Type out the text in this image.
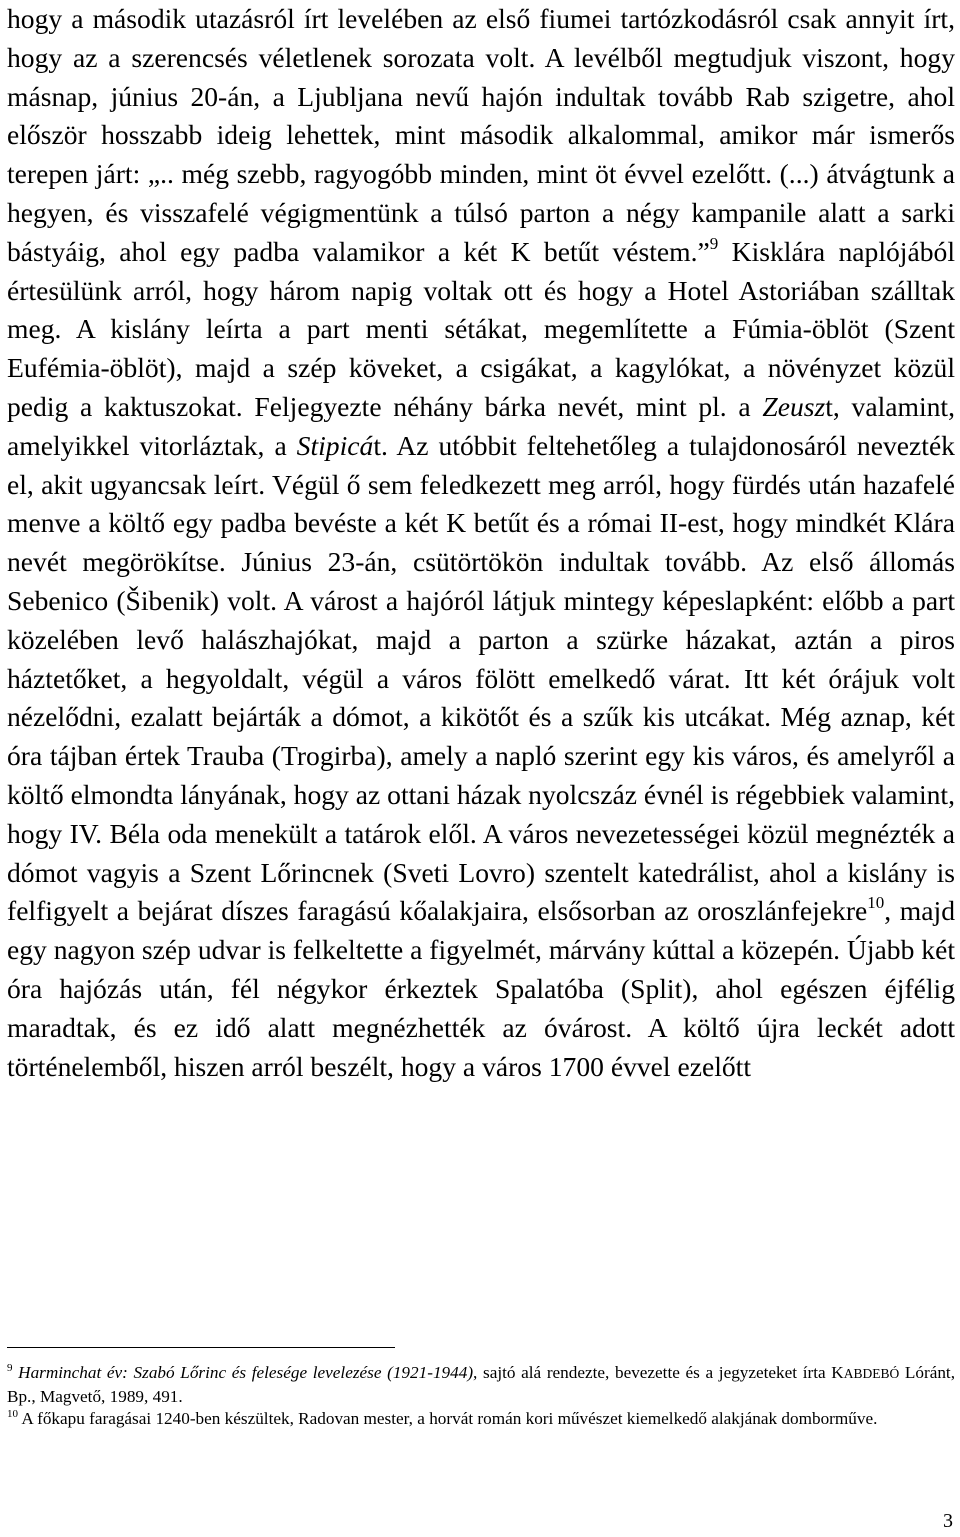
hogy a második utazásról írt levelében az első fiumei tartózkodásról csak annyit írt, hogy az a szerencsés véletlenek sorozata volt. A levélből megtudjuk viszont, hogy másnap, június 20-án, a Ljubljana nevű hajón indultak tovább Rab szigetre, ahol először hosszabb ideig lehettek, mint második alkalommal, amikor már ismerős terepen járt: „.. még szebb, ragyogóbb minden, mint öt évvel ezelőtt. (...) átvágtunk a hegyen, és visszafelé végigmentünk a túlsó parton a négy kampanile alatt a sarki bástyáig, ahol egy padba valamikor a két K betűt véstem.”$^9$ Kisklára naplójából értesülünk arról, hogy három napig voltak ott és hogy a Hotel Astoriában szálltak meg. A kislány leírta a part menti sétákat, megemlítette a Fúmia-öblöt (Szent Eufémia-öblöt), majd a szép köveket, a csigákat, a kagylókat, a növényzet közül pedig a kaktuszokat. Feljegyezte néhány bárka nevét, mint pl. a Zeuszt, valamint, amelyikkel vitorláztak, a Stipicát. Az utóbbit feltehetőleg a tulajdonosáról nevezték el, akit ugyancsak leírt. Végül ő sem feledkezett meg arról, hogy fürdés után hazafelé menve a költő egy padba bevéste a két K betűt és a római II-est, hogy mindkét Klára nevét megörökítse. Június 23-án, csütörtökön indultak tovább. Az első állomás Sebenico (Šibenik) volt. A várost a hajóról látjuk mintegy képeslapként: előbb a part közelében levő halászhajókat, majd a parton a szürke házakat, aztán a piros háztetőket, a hegyoldalt, végül a város fölött emelkedő várat. Itt két órájuk volt nézelődni, ezalatt bejárták a dómot, a kikötőt és a szűk kis utcákat. Még aznap, két óra tájban értek Trauba (Trogirba), amely a napló szerint egy kis város, és amelyről a költő elmondta lányának, hogy az ottani házak nyolcszáz évnél is régebbiek valamint, hogy IV. Béla oda menekült a tatárok elől. A város nevezetességei közül megnézték a dómot vagyis a Szent Lőrincnek (Sveti Lovro) szentelt katedrálist, ahol a kislány is felfigyelt a bejárat díszes faragású kőalakjaira, elsősorban az oroszlánfejekre$^{10}$, majd egy nagyon szép udvar is felkeltette a figyelmét, márvány kúttal a közepén. Újabb két óra hajózás után, fél négykor érkeztek Spalatóba (Split), ahol egészen éjfélig maradtak, és ez idő alatt megnézhették az óvárost. A költő újra leckét adott történelemből, hiszen arról beszélt, hogy a város 1700 évvel ezelőtt

$^9$ Harminchat év: Szabó Lőrinc és felesége levelezése (1921-1944), sajtó alá rendezte, bevezette és a jegyzeteket írta KABDEBÓ Lóránt, Bp., Magvető, 1989, 491.

$^{10}$ A főkapu faragásai 1240-ben készültek, Radovan mester, a horvát román kori művészet kiemelkedő alakjának domborműve.

3
